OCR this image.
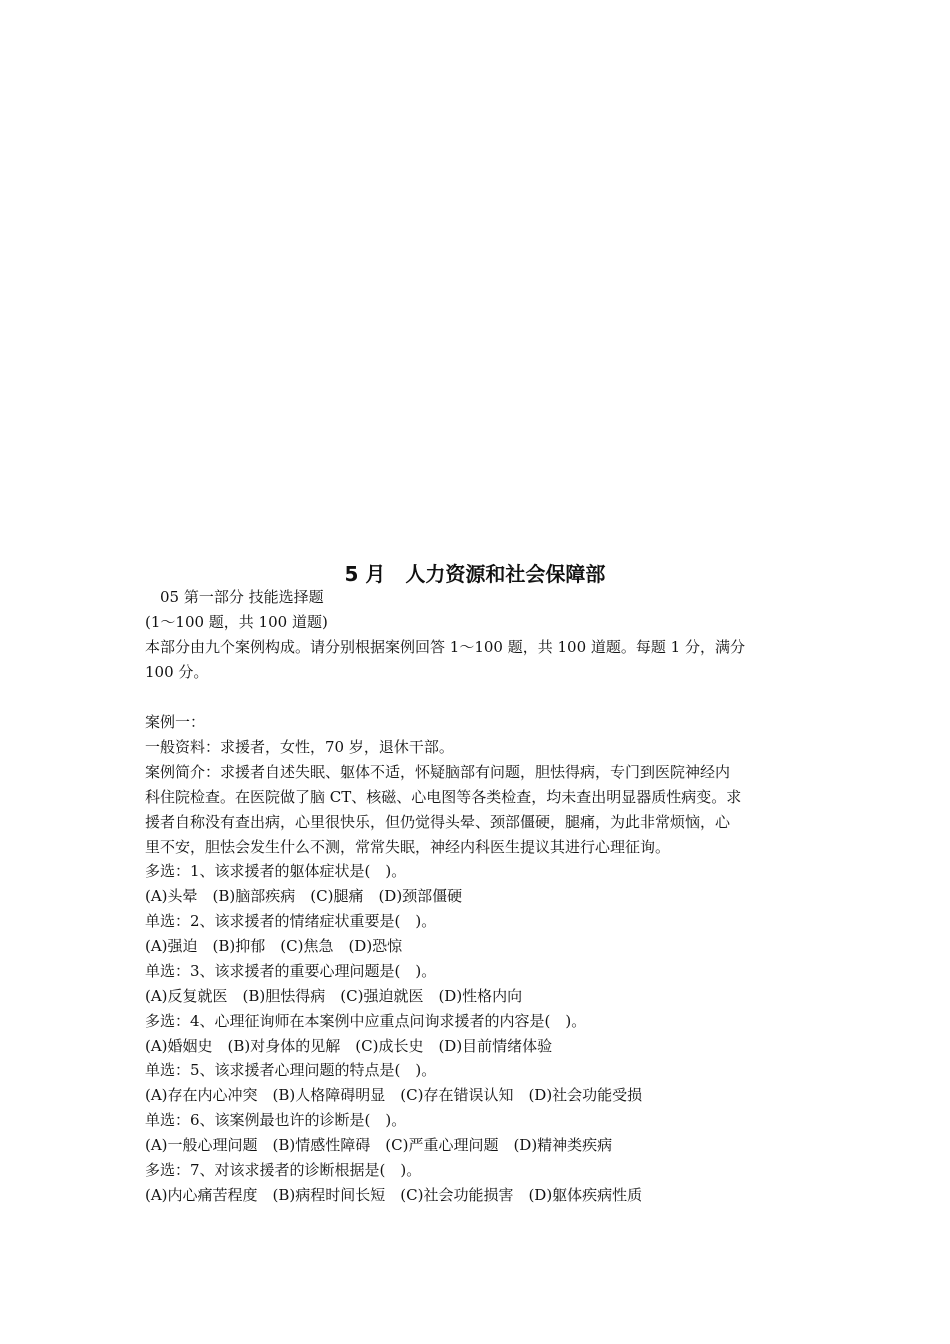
5 月　人力资源和社会保障部
05 第一部分 技能选择题
(1～100 题，共 100 道题)
本部分由九个案例构成。请分别根据案例回答 1～100 题，共 100 道题。每题 1 分，满分
100 分。
案例一：
一般资料：求援者，女性，70 岁，退休干部。
案例简介：求援者自述失眠、躯体不适，怀疑脑部有问题，胆怯得病，专门到医院神经内
科住院检查。在医院做了脑 CT、核磁、心电图等各类检查，均未查出明显器质性病变。求
援者自称没有查出病，心里很快乐，但仍觉得头晕、颈部僵硬，腿痛，为此非常烦恼，心
里不安，胆怯会发生什么不测，常常失眠，神经内科医生提议其进行心理征询。
多选：1、该求援者的躯体症状是(　)。
(A)头晕　(B)脑部疾病　(C)腿痛　(D)颈部僵硬
单选：2、该求援者的情绪症状重要是(　)。
(A)强迫　(B)抑郁　(C)焦急　(D)恐惊
单选：3、该求援者的重要心理问题是(　)。
(A)反复就医　(B)胆怯得病　(C)强迫就医　(D)性格内向
多选：4、心理征询师在本案例中应重点问询求援者的内容是(　)。
(A)婚姻史　(B)对身体的见解　(C)成长史　(D)目前情绪体验
单选：5、该求援者心理问题的特点是(　)。
(A)存在内心冲突　(B)人格障碍明显　(C)存在错误认知　(D)社会功能受损
单选：6、该案例最也许的诊断是(　)。
(A)一般心理问题　(B)情感性障碍　(C)严重心理问题　(D)精神类疾病
多选：7、对该求援者的诊断根据是(　)。
(A)内心痛苦程度　(B)病程时间长短　(C)社会功能损害　(D)躯体疾病性质
